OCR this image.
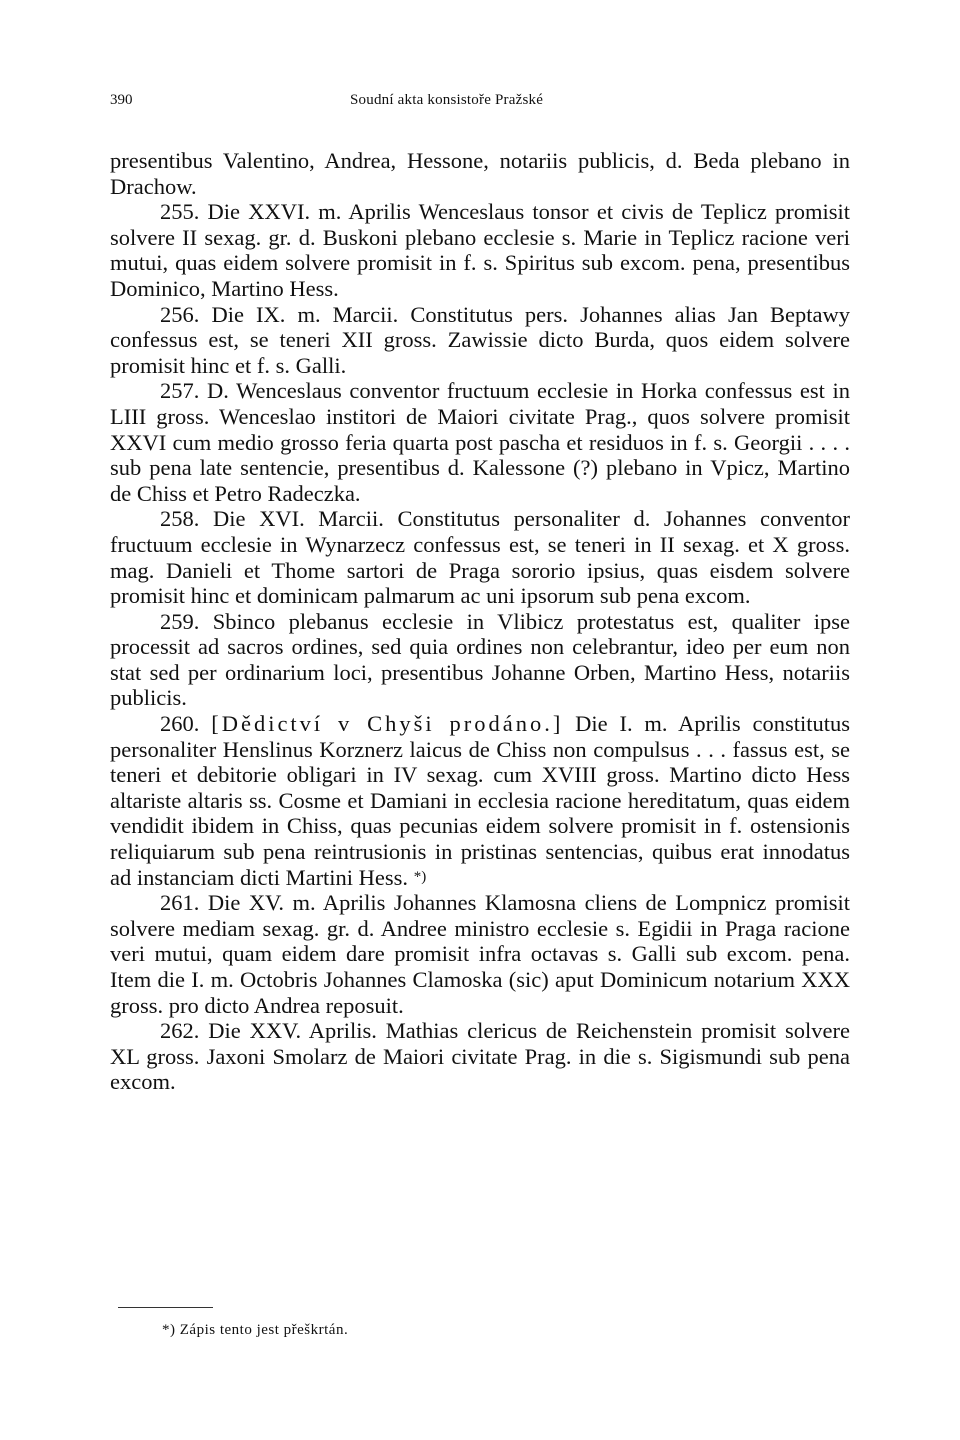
390	Soudní akta konsistoře Pražské

presentibus Valentino, Andrea, Hessone, notariis publicis, d. Beda plebano in Drachow.

255. Die XXVI. m. Aprilis Wenceslaus tonsor et civis de Teplicz promisit solvere II sexag. gr. d. Buskoni plebano ecclesie s. Marie in Teplicz racione veri mutui, quas eidem solvere promisit in f. s. Spiritus sub excom. pena, presentibus Dominico, Martino Hess.

256. Die IX. m. Marcii. Constitutus pers. Johannes alias Jan Beptawy confessus est, se teneri XII gross. Zawissie dicto Burda, quos eidem solvere promisit hinc et f. s. Galli.

257. D. Wenceslaus conventor fructuum ecclesie in Horka confessus est in LIII gross. Wenceslao institori de Maiori civitate Prag., quos solvere promisit XXVI cum medio grosso feria quarta post pascha et residuos in f. s. Georgii . . . . sub pena late sentencie, presentibus d. Kalessone (?) plebano in Vpicz, Martino de Chiss et Petro Radeczka.

258. Die XVI. Marcii. Constitutus personaliter d. Johannes conventor fructuum ecclesie in Wynarzecz confessus est, se teneri in II sexag. et X gross. mag. Danieli et Thome sartori de Praga sororio ipsius, quas eisdem solvere promisit hinc et dominicam palmarum ac uni ipsorum sub pena excom.

259. Sbinco plebanus ecclesie in Vlibicz protestatus est, qualiter ipse processit ad sacros ordines, sed quia ordines non celebrantur, ideo per eum non stat sed per ordinarium loci, presentibus Johanne Orben, Martino Hess, notariis publicis.

260. [Dědictví v Chyši prodáno.] Die I. m. Aprilis constitutus personaliter Henslinus Korznerz laicus de Chiss non compulsus . . . fassus est, se teneri et debitorie obligari in IV sexag. cum XVIII gross. Martino dicto Hess altariste altaris ss. Cosme et Damiani in ecclesia racione hereditatum, quas eidem vendidit ibidem in Chiss, quas pecunias eidem solvere promisit in f. ostensionis reliquiarum sub pena reintrusionis in pristinas sentencias, quibus erat innodatus ad instanciam dicti Martini Hess. *)

261. Die XV. m. Aprilis Johannes Klamosna cliens de Lompnicz promisit solvere mediam sexag. gr. d. Andree ministro ecclesie s. Egidii in Praga racione veri mutui, quam eidem dare promisit infra octavas s. Galli sub excom. pena. Item die I. m. Octobris Johannes Clamoska (sic) aput Dominicum notarium XXX gross. pro dicto Andrea reposuit.

262. Die XXV. Aprilis. Mathias clericus de Reichenstein promisit solvere XL gross. Jaxoni Smolarz de Maiori civitate Prag. in die s. Sigismundi sub pena excom.

*) Zápis tento jest přeškrtán.
